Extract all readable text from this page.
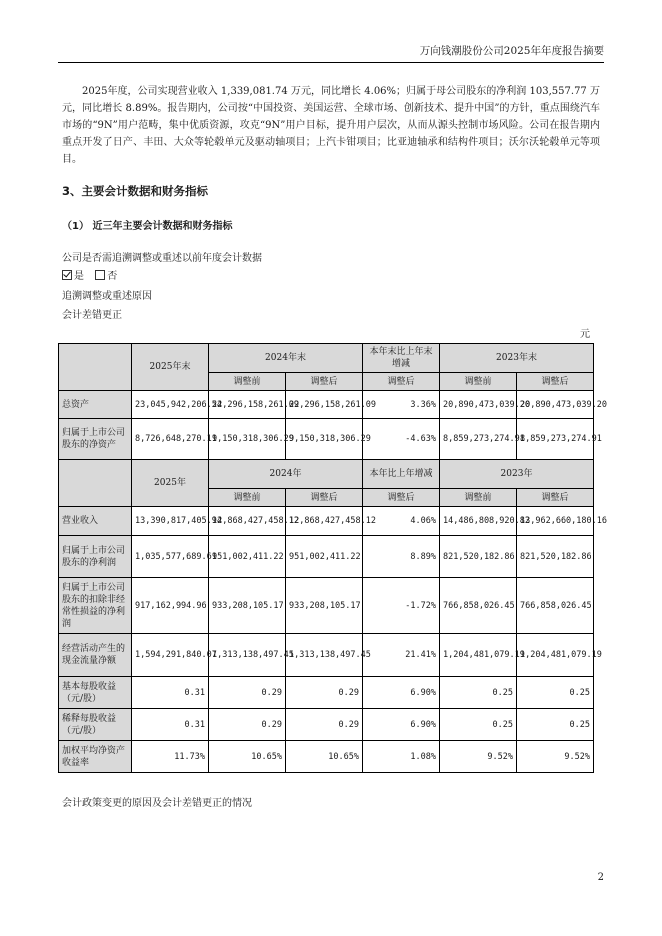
万向钱潮股份公司2025年年度报告摘要

2025年度，公司实现营业收入 1,339,081.74 万元，同比增长 4.06%；归属于母公司股东的净利润 103,557.77 万元，同比增长 8.89%。报告期内，公司按“中国投资、美国运营、全球市场、创新技术、提升中国”的方针，重点围绕汽车市场的“9N”用户范畴，集中优质资源，攻克“9N”用户目标，提升用户层次，从而从源头控制市场风险。公司在报告期内重点开发了日产、丰田、大众等轮毂单元及驱动轴项目；上汽卡钳项目；比亚迪轴承和结构件项目；沃尔沃轮毂单元等项目。

3、主要会计数据和财务指标
（1） 近三年主要会计数据和财务指标
公司是否需追溯调整或重述以前年度会计数据
是 否
追溯调整或重述原因
会计差错更正
元
	2025年末	2024年末		本年末比上年末增减	2023年末	
		调整前	调整后	调整后	调整前	调整后
总资产	23,045,942,206.54	22,296,158,261.09	22,296,158,261.09	3.36%	20,890,473,039.20	20,890,473,039.20
归属于上市公司股东的净资产	8,726,648,270.11	9,150,318,306.29	9,150,318,306.29	-4.63%	8,859,273,274.91	8,859,273,274.91
	2025年	2024年		本年比上年增减	2023年	
		调整前	调整后	调整后	调整前	调整后
营业收入	13,390,817,405.94	12,868,427,458.12	12,868,427,458.12	4.06%	14,486,808,920.82	13,962,660,180.16
归属于上市公司股东的净利润	1,035,577,689.61	951,002,411.22	951,002,411.22	8.89%	821,520,182.86	821,520,182.86
归属于上市公司股东的扣除非经常性损益的净利润	917,162,994.96	933,208,105.17	933,208,105.17	-1.72%	766,858,026.45	766,858,026.45
经营活动产生的现金流量净额	1,594,291,840.07	1,313,138,497.45	1,313,138,497.45	21.41%	1,204,481,079.19	1,204,481,079.19
基本每股收益（元/股）	0.31	0.29	0.29	6.90%	0.25	0.25
稀释每股收益（元/股）	0.31	0.29	0.29	6.90%	0.25	0.25
加权平均净资产收益率	11.73%	10.65%	10.65%	1.08%	9.52%	9.52%
会计政策变更的原因及会计差错更正的情况
2
